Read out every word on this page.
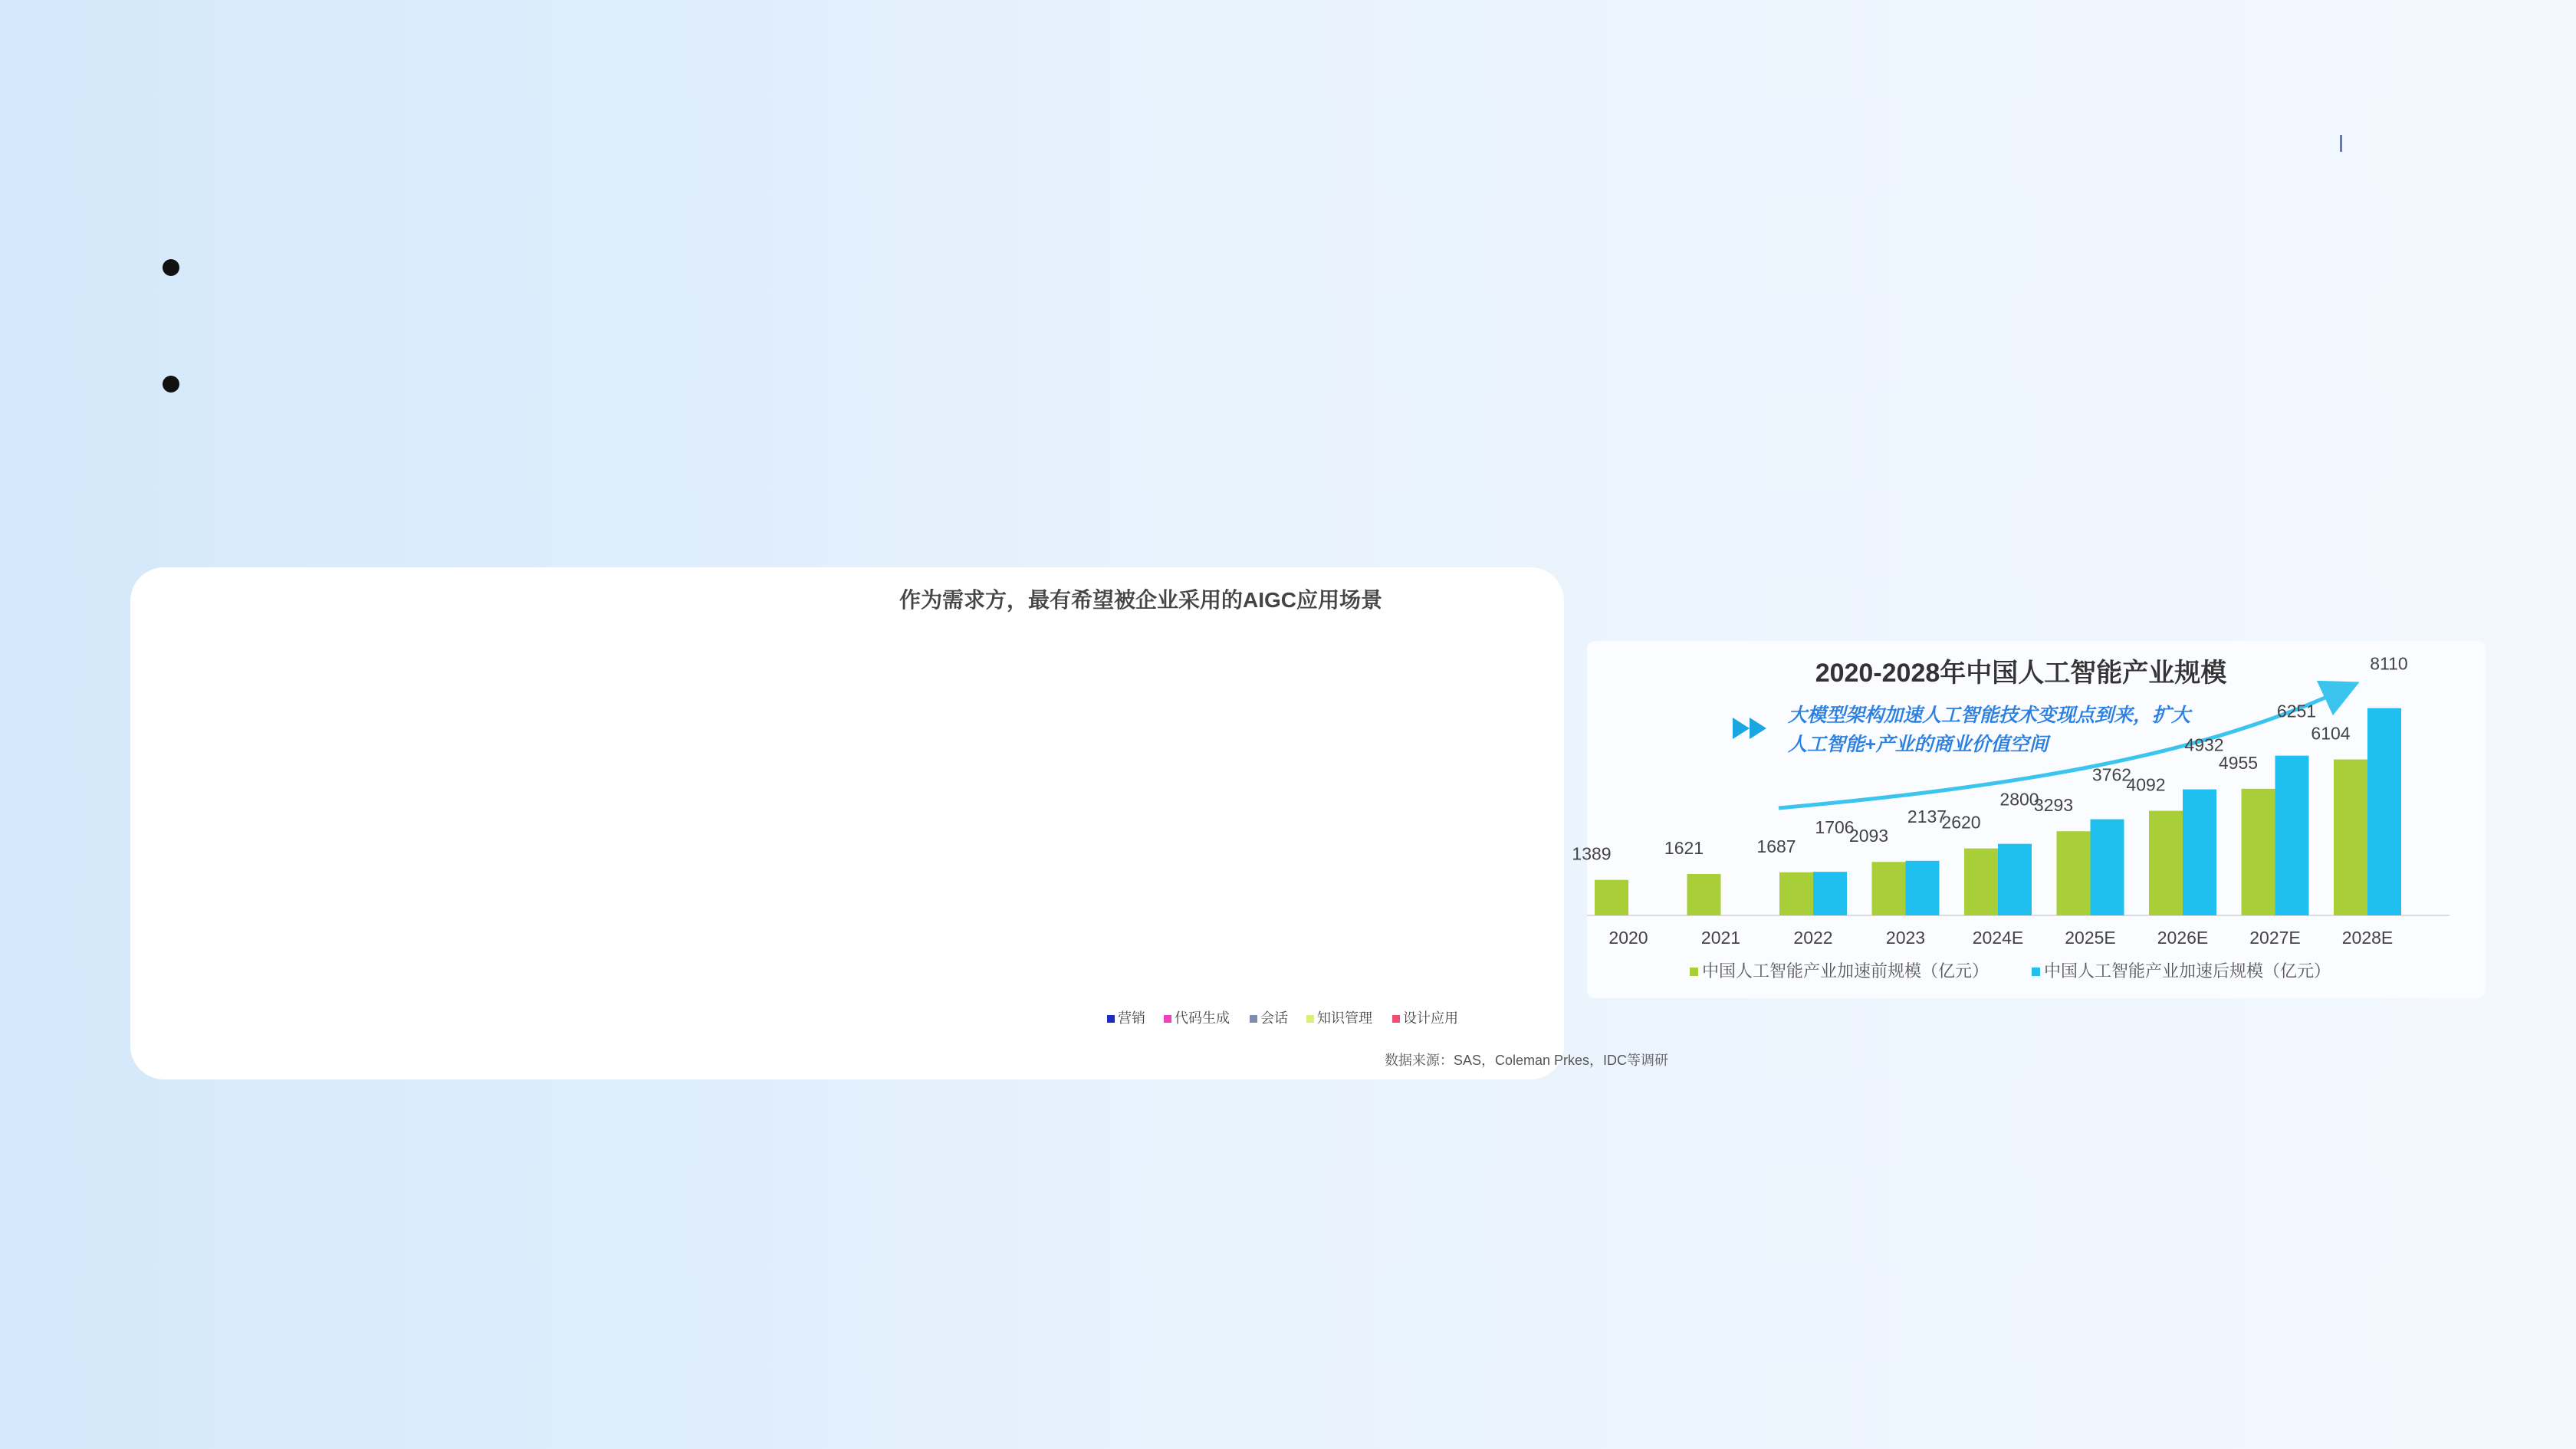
作为需求方，最有希望被企业采用的AIGC应用场景
营销 代码生成 会话 知识管理 设计应用
数据来源：SAS，Coleman Prkes，IDC等调研
2020-2028年中国人工智能产业规模
大模型架构加速人工智能技术变现点到来，扩大
人工智能+产业的商业价值空间
1389
2020
1621
2021
1687
1706
2022
2093
2137
2023
2620
2800
2024E
3293
3762
2025E
4092
4932
2026E
4955
6251
2027E
6104
8110
2028E
中国人工智能产业加速前规模（亿元）	中国人工智能产业加速后规模（亿元）
